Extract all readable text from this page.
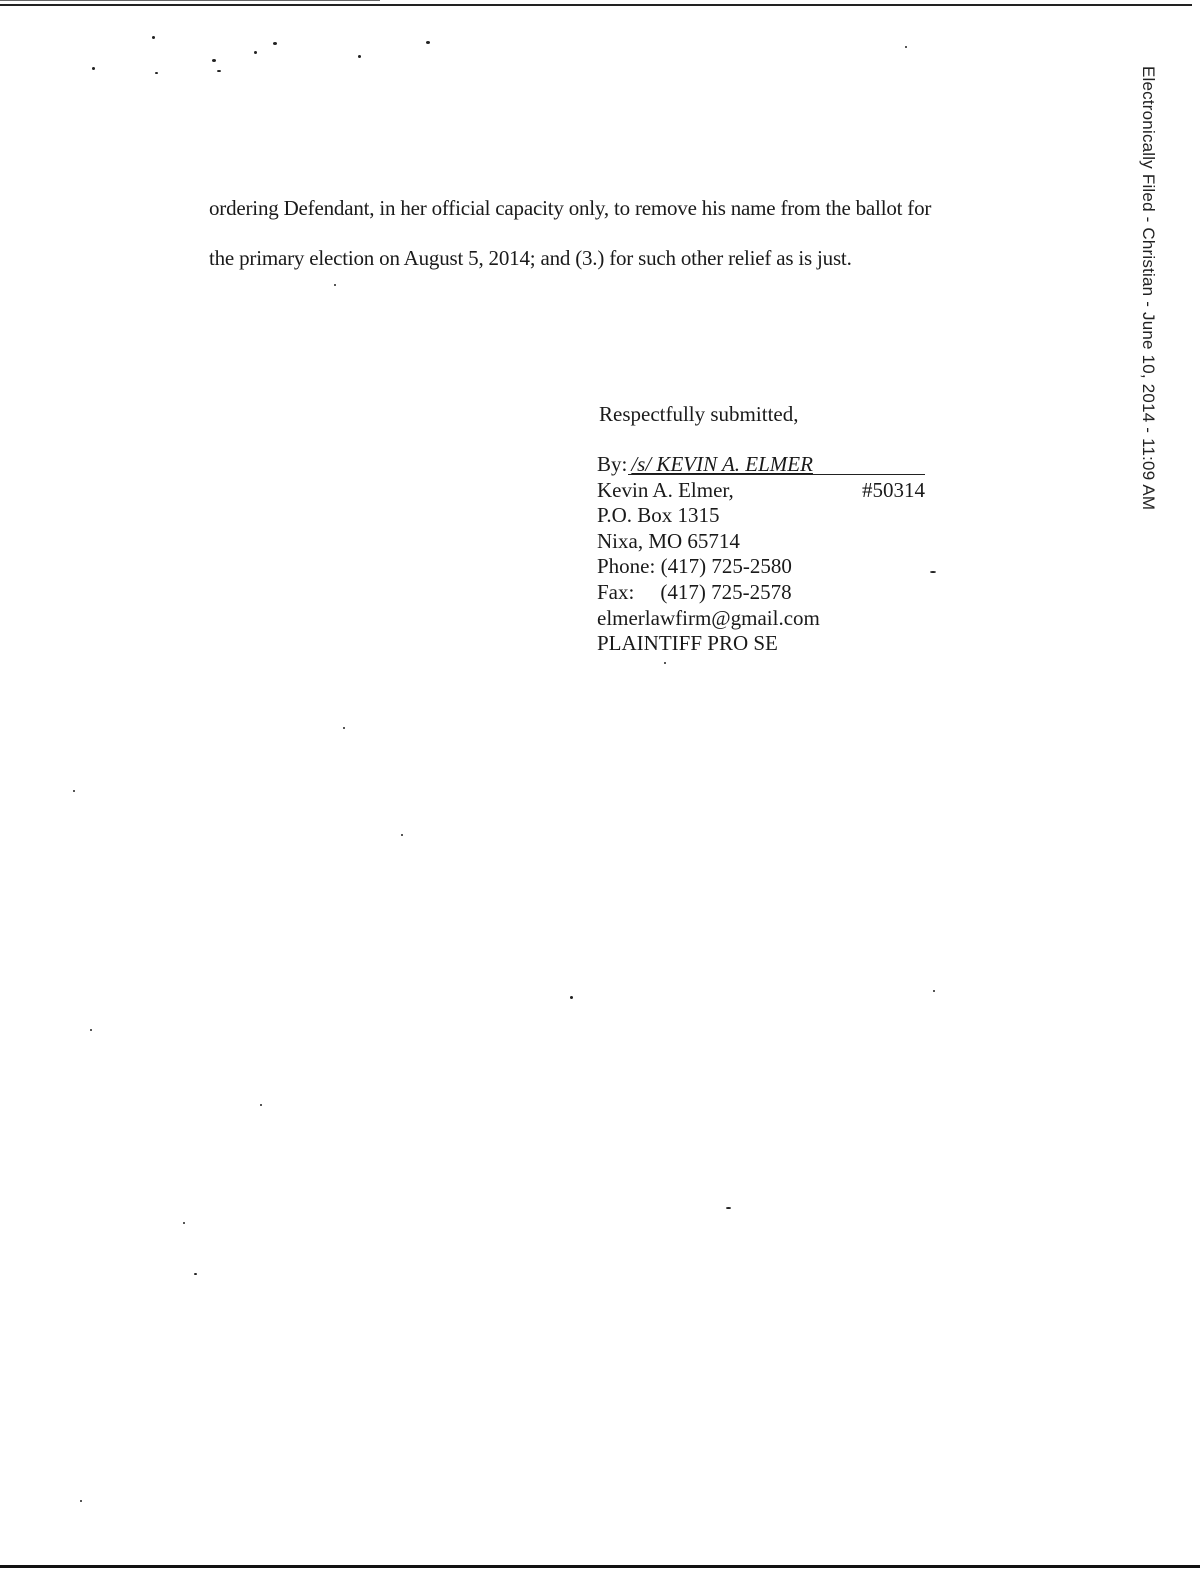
Electronically Filed - Christian - June 10, 2014 - 11:09 AM
ordering Defendant, in her official capacity only, to remove his name from the ballot for
the primary election on August 5, 2014; and (3.) for such other relief as is just.
Respectfully submitted,
By: /s/ KEVIN A. ELMER
Kevin A. Elmer,	#50314
P.O. Box 1315
Nixa, MO 65714
Phone: (417) 725-2580
Fax: (417) 725-2578
elmerlawfirm@gmail.com
PLAINTIFF PRO SE
